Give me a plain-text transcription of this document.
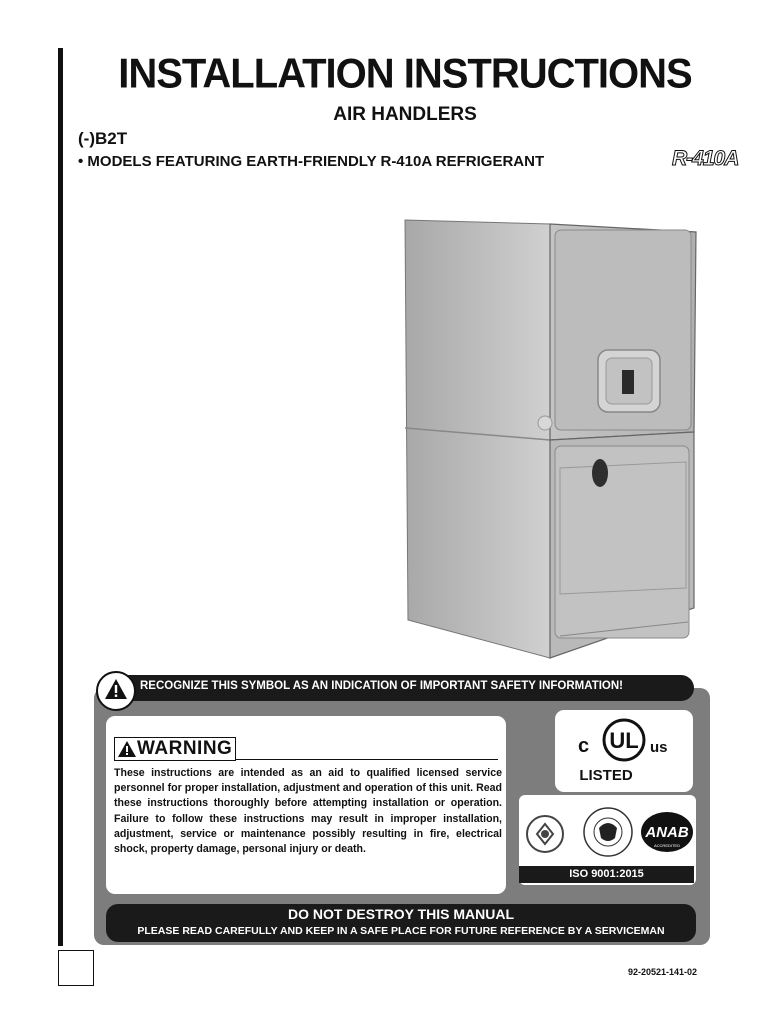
INSTALLATION INSTRUCTIONS
AIR HANDLERS
(-)B2T
• MODELS FEATURING EARTH-FRIENDLY R-410A REFRIGERANT	R-410A
RECOGNIZE THIS SYMBOL AS AN INDICATION OF IMPORTANT SAFETY INFORMATION!
WARNING
These instructions are intended as an aid to qualified licensed service personnel for proper installation, adjustment and operation of this unit. Read these instructions thoroughly before attempting installation or operation. Failure to follow these instructions may result in improper installation, adjustment, service or maintenance possibly resulting in fire, electrical shock, property damage, personal injury or death.
c UL us
LISTED
ANAB
ACCREDITED
ISO 9001:2015
DO NOT DESTROY THIS MANUAL
PLEASE READ CAREFULLY AND KEEP IN A SAFE PLACE FOR FUTURE REFERENCE BY A SERVICEMAN
92-20521-141-02
